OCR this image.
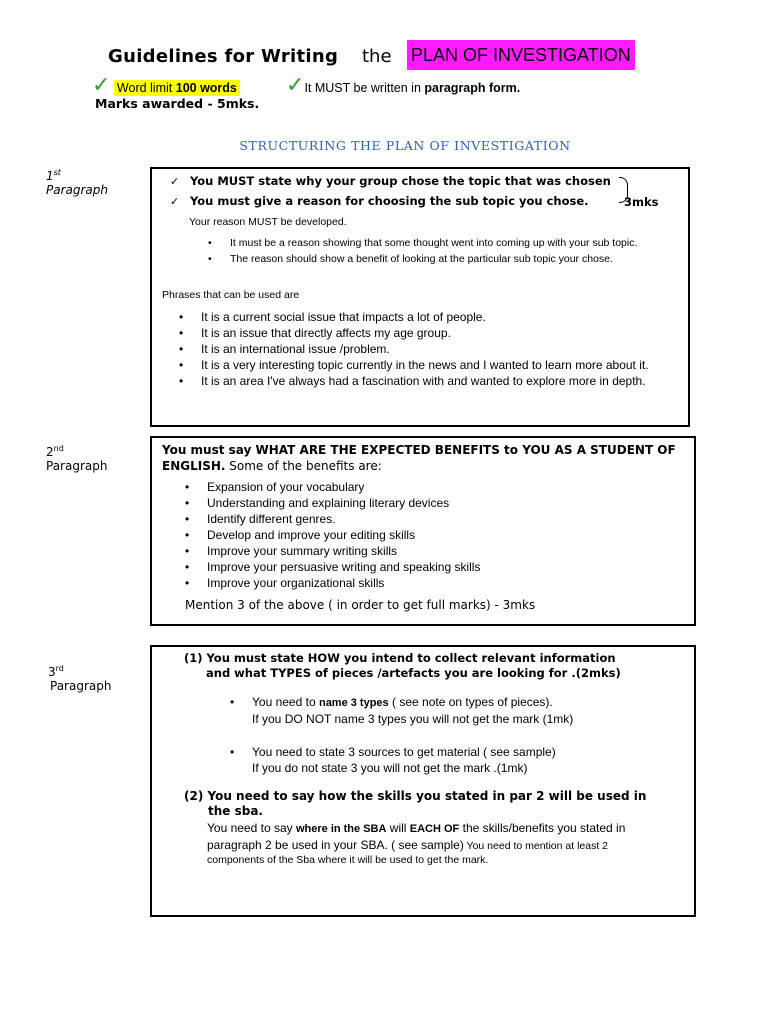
Guidelines for Writing the PLAN OF INVESTIGATION
✓ Word limit 100 words ✓It MUST be written in paragraph form.
Marks awarded - 5mks.
STRUCTURING THE PLAN OF INVESTIGATION
1st
Paragraph
2nd
Paragraph
3rd
Paragraph
✓ You MUST state why your group chose the topic that was chosen
✓ You must give a reason for choosing the sub topic you chose.	3mks
Your reason MUST be developed.
• It must be a reason showing that some thought went into coming up with your sub topic.
• The reason should show a benefit of looking at the particular sub topic your chose.
Phrases that can be used are
• It is a current social issue that impacts a lot of people.
• It is an issue that directly affects my age group.
• It is an international issue /problem.
• It is a very interesting topic currently in the news and I wanted to learn more about it.
• It is an area I've always had a fascination with and wanted to explore more in depth.
You must say WHAT ARE THE EXPECTED BENEFITS to YOU AS A STUDENT OF ENGLISH. Some of the benefits are:
• Expansion of your vocabulary
• Understanding and explaining literary devices
• Identify different genres.
• Develop and improve your editing skills
• Improve your summary writing skills
• Improve your persuasive writing and speaking skills
• Improve your organizational skills
Mention 3 of the above ( in order to get full marks) - 3mks
(1) You must state HOW you intend to collect relevant information
and what TYPES of pieces /artefacts you are looking for .(2mks)
• You need to name 3 types ( see note on types of pieces).
If you DO NOT name 3 types you will not get the mark (1mk)
• You need to state 3 sources to get material ( see sample)
If you do not state 3 you will not get the mark .(1mk)
(2) You need to say how the skills you stated in par 2 will be used in
the sba.
You need to say where in the SBA will EACH OF the skills/benefits you stated in
paragraph 2 be used in your SBA. ( see sample) You need to mention at least 2
components of the Sba where it will be used to get the mark.
